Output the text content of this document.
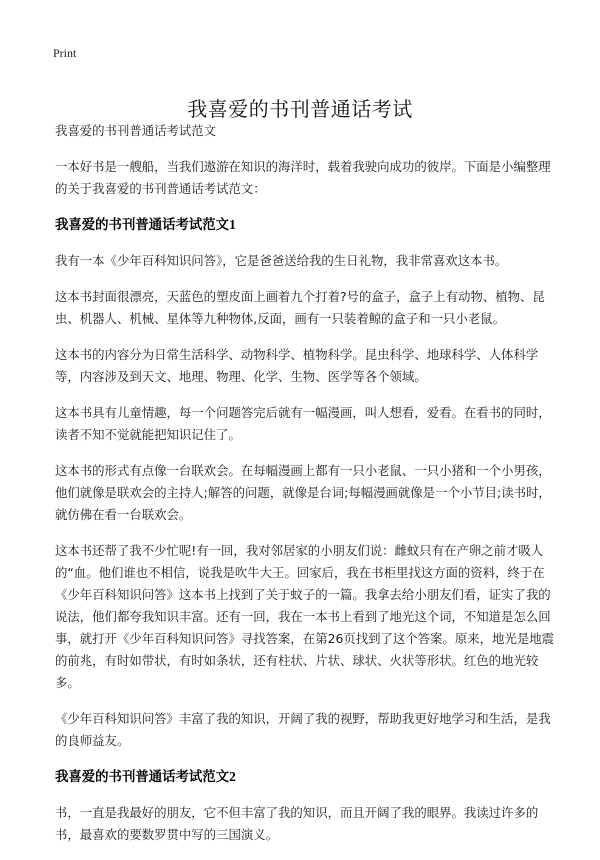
Print
我喜爱的书刊普通话考试

我喜爱的书刊普通话考试范文

一本好书是一艘船，当我们遨游在知识的海洋时，载着我驶向成功的彼岸。下面是小编整理的关于我喜爱的书刊普通话考试范文：

我喜爱的书刊普通话考试范文1

我有一本《少年百科知识问答》，它是爸爸送给我的生日礼物，我非常喜欢这本书。

这本书封面很漂亮，天蓝色的塑皮面上画着九个打着?号的盒子，盒子上有动物、植物、昆虫、机器人、机械、星体等九种物体,反面，画有一只装着鲸的盒子和一只小老鼠。

这本书的内容分为日常生活科学、动物科学、植物科学。昆虫科学、地球科学、人体科学等，内容涉及到天文、地理、物理、化学、生物、医学等各个领域。

这本书具有儿童情趣，每一个问题答完后就有一幅漫画，叫人想看，爱看。在看书的同时，读者不知不觉就能把知识记住了。

这本书的形式有点像一台联欢会。在每幅漫画上都有一只小老鼠、一只小猪和一个小男孩，他们就像是联欢会的主持人;解答的问题，就像是台词;每幅漫画就像是一个小节目;读书时，就仿佛在看一台联欢会。

这本书还帮了我不少忙呢!有一回，我对邻居家的小朋友们说：雌蚊只有在产卵之前才吸人的“血。他们谁也不相信，说我是吹牛大王。回家后，我在书柜里找这方面的资料，终于在《少年百科知识问答》这本书上找到了关于蚊子的一篇。我拿去给小朋友们看，证实了我的说法，他们都夸我知识丰富。还有一回，我在一本书上看到了地光这个词，不知道是怎么回事，就打开《少年百科知识问答》寻找答案，在第26页找到了这个答案。原来，地光是地震的前兆，有时如带状，有时如条状，还有柱状、片状、球状、火状等形状。红色的地光较多。

《少年百科知识问答》丰富了我的知识，开阔了我的视野，帮助我更好地学习和生活，是我的良师益友。

我喜爱的书刊普通话考试范文2

书，一直是我最好的朋友，它不但丰富了我的知识，而且开阔了我的眼界。我读过许多的书，最喜欢的要数罗贯中写的三国演义。
